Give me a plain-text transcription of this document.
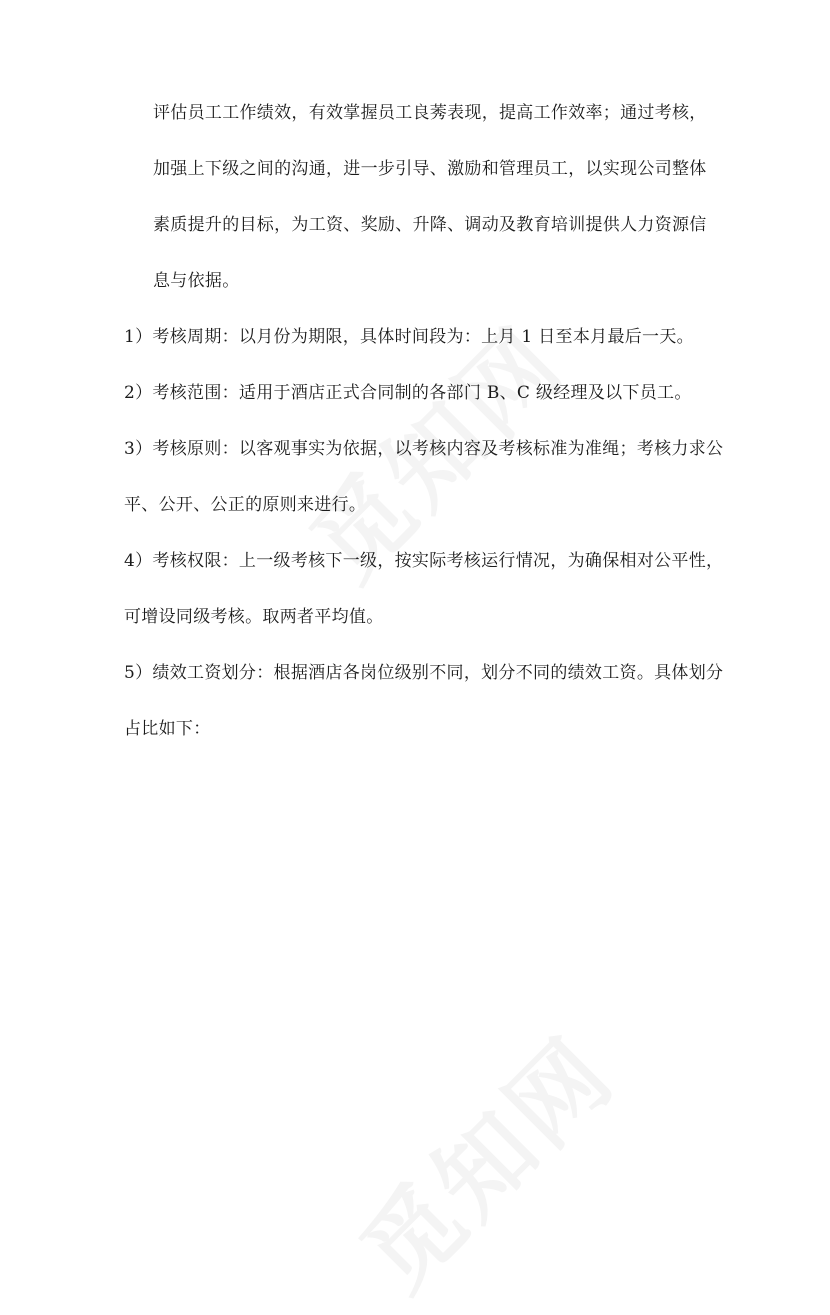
评估员工工作绩效，有效掌握员工良莠表现，提高工作效率；通过考核，
加强上下级之间的沟通，进一步引导、激励和管理员工，以实现公司整体
素质提升的目标，为工资、奖励、升降、调动及教育培训提供人力资源信
息与依据。
1）考核周期：以月份为期限，具体时间段为：上月 1 日至本月最后一天。
2）考核范围：适用于酒店正式合同制的各部门 B、C 级经理及以下员工。
3）考核原则：以客观事实为依据，以考核内容及考核标准为准绳；考核力求公
平、公开、公正的原则来进行。
4）考核权限：上一级考核下一级，按实际考核运行情况，为确保相对公平性，
可增设同级考核。取两者平均值。
5）绩效工资划分：根据酒店各岗位级别不同，划分不同的绩效工资。具体划分
占比如下：
